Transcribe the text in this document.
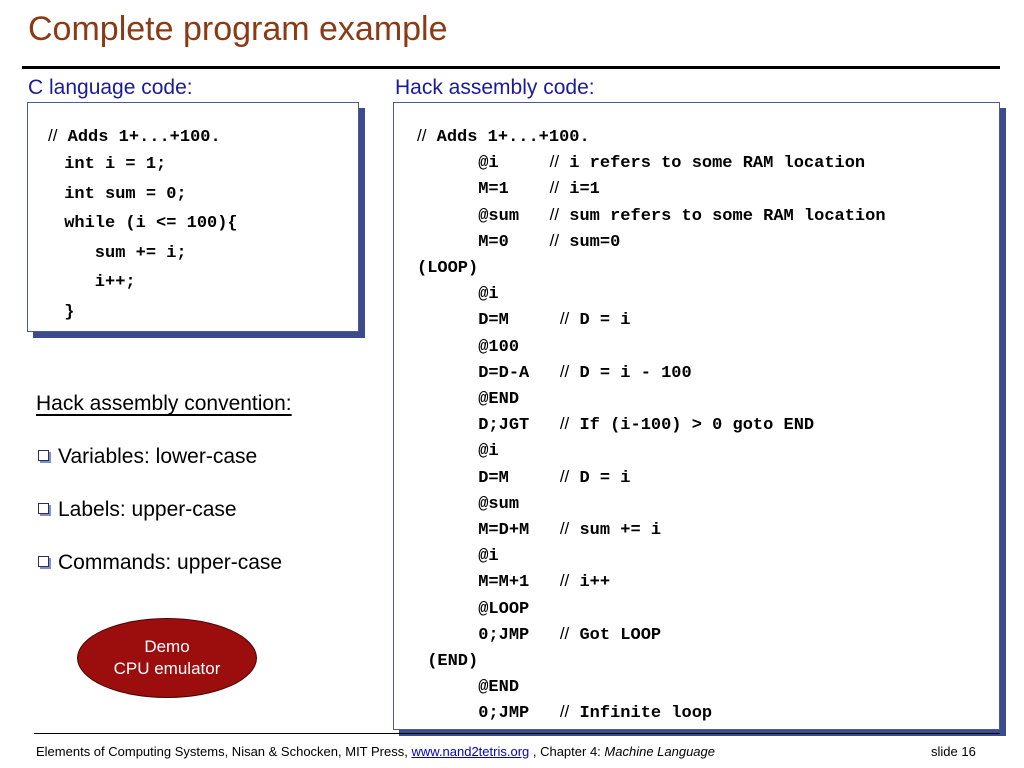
Complete program example
C language code:	Hack assembly code:
// Adds 1+...+100.
int i = 1;
int sum = 0;
while (i <= 100){
sum += i;
i++;
}
// Adds 1+...+100.
@i     // i refers to some RAM location
M=1    // i=1
@sum   // sum refers to some RAM location
M=0    // sum=0
(LOOP)
@i
D=M     // D = i
@100
D=D-A   // D = i - 100
@END
D;JGT   // If (i-100) > 0 goto END
@i
D=M     // D = i
@sum
M=D+M   // sum += i
@i
M=M+1   // i++
@LOOP
0;JMP   // Got LOOP
(END)
@END
0;JMP   // Infinite loop
Hack assembly convention:
Variables: lower-case
Labels: upper-case
Commands: upper-case
Demo
CPU emulator
Elements of Computing Systems, Nisan & Schocken, MIT Press, www.nand2tetris.org , Chapter 4: Machine Language	slide 16
